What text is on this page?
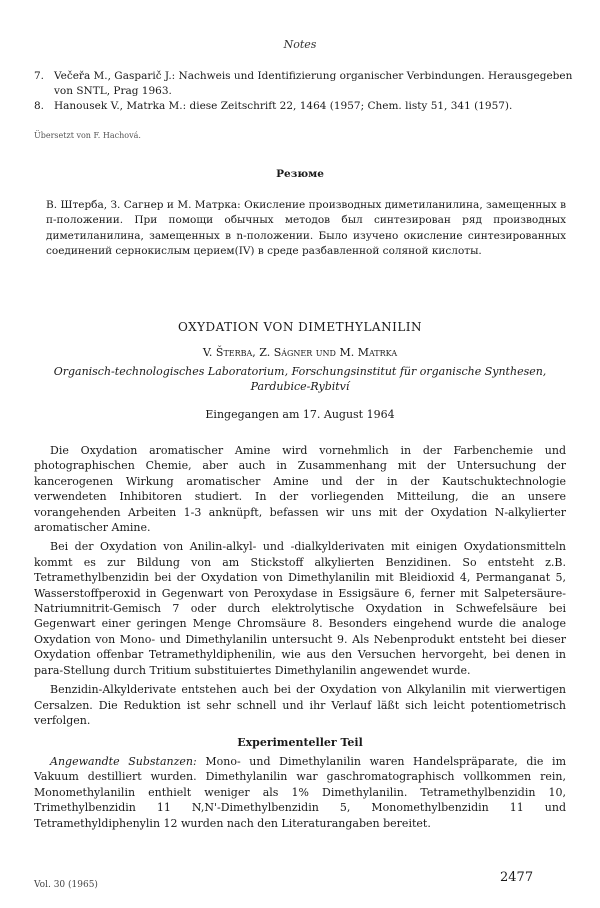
Notes
7. Večeřa M., Gasparič J.: Nachweis und Identifizierung organischer Verbindungen. Herausgegeben von SNTL, Prag 1963.
8. Hanousek V., Matrka M.: diese Zeitschrift 22, 1464 (1957; Chem. listy 51, 341 (1957).
Übersetzt von F. Hachová.
Резюме
В. Штерба, З. Сагнер и М. Матрка: Окисление производных диметиланилина, замещенных в п-положении. При помощи обычных методов был синтезирован ряд производных диметиланилина, замещенных в n-положении. Было изучено окисление синтезированных соединений сернокислым церием(IV) в среде разбавленной соляной кислоты.
OXYDATION VON DIMETHYLANILIN
V. Šterba, Z. Ságner und M. Matrka
Organisch-technologisches Laboratorium, Forschungsinstitut für organische Synthesen,
Pardubice-Rybitví
Eingegangen am 17. August 1964

Die Oxydation aromatischer Amine wird vornehmlich in der Farbenchemie und photographischen Chemie, aber auch in Zusammenhang mit der Untersuchung der kancerogenen Wirkung aromatischer Amine und der in der Kautschuktechnologie verwendeten Inhibitoren studiert. In der vorliegenden Mitteilung, die an unsere vorangehenden Arbeiten 1-3 anknüpft, befassen wir uns mit der Oxydation N-alkylierter aromatischer Amine.

Bei der Oxydation von Anilin-alkyl- und -dialkylderivaten mit einigen Oxydationsmitteln kommt es zur Bildung von am Stickstoff alkylierten Benzidinen. So entsteht z.B. Tetramethylbenzidin bei der Oxydation von Dimethylanilin mit Bleidioxid 4, Permanganat 5, Wasserstoffperoxid in Gegenwart von Peroxydase in Essigsäure 6, ferner mit Salpetersäure-Natriumnitrit-Gemisch 7 oder durch elektrolytische Oxydation in Schwefelsäure bei Gegenwart einer geringen Menge Chromsäure 8. Besonders eingehend wurde die analoge Oxydation von Mono- und Dimethylanilin untersucht 9. Als Nebenprodukt entsteht bei dieser Oxydation offenbar Tetramethyldiphenilin, wie aus den Versuchen hervorgeht, bei denen in para-Stellung durch Tritium substituiertes Dimethylanilin angewendet wurde.

Benzidin-Alkylderivate entstehen auch bei der Oxydation von Alkylanilin mit vierwertigen Cersalzen. Die Reduktion ist sehr schnell und ihr Verlauf läßt sich leicht potentiometrisch verfolgen.

Experimenteller Teil

Angewandte Substanzen: Mono- und Dimethylanilin waren Handelspräparate, die im Vakuum destilliert wurden. Dimethylanilin war gaschromatographisch vollkommen rein, Monomethylanilin enthielt weniger als 1% Dimethylanilin. Tetramethylbenzidin 10, Trimethylbenzidin 11 N,N'-Dimethylbenzidin 5, Monomethylbenzidin 11 und Tetramethyldiphenylin 12 wurden nach den Literaturangaben bereitet.

Vol. 30 (1965)	2477
